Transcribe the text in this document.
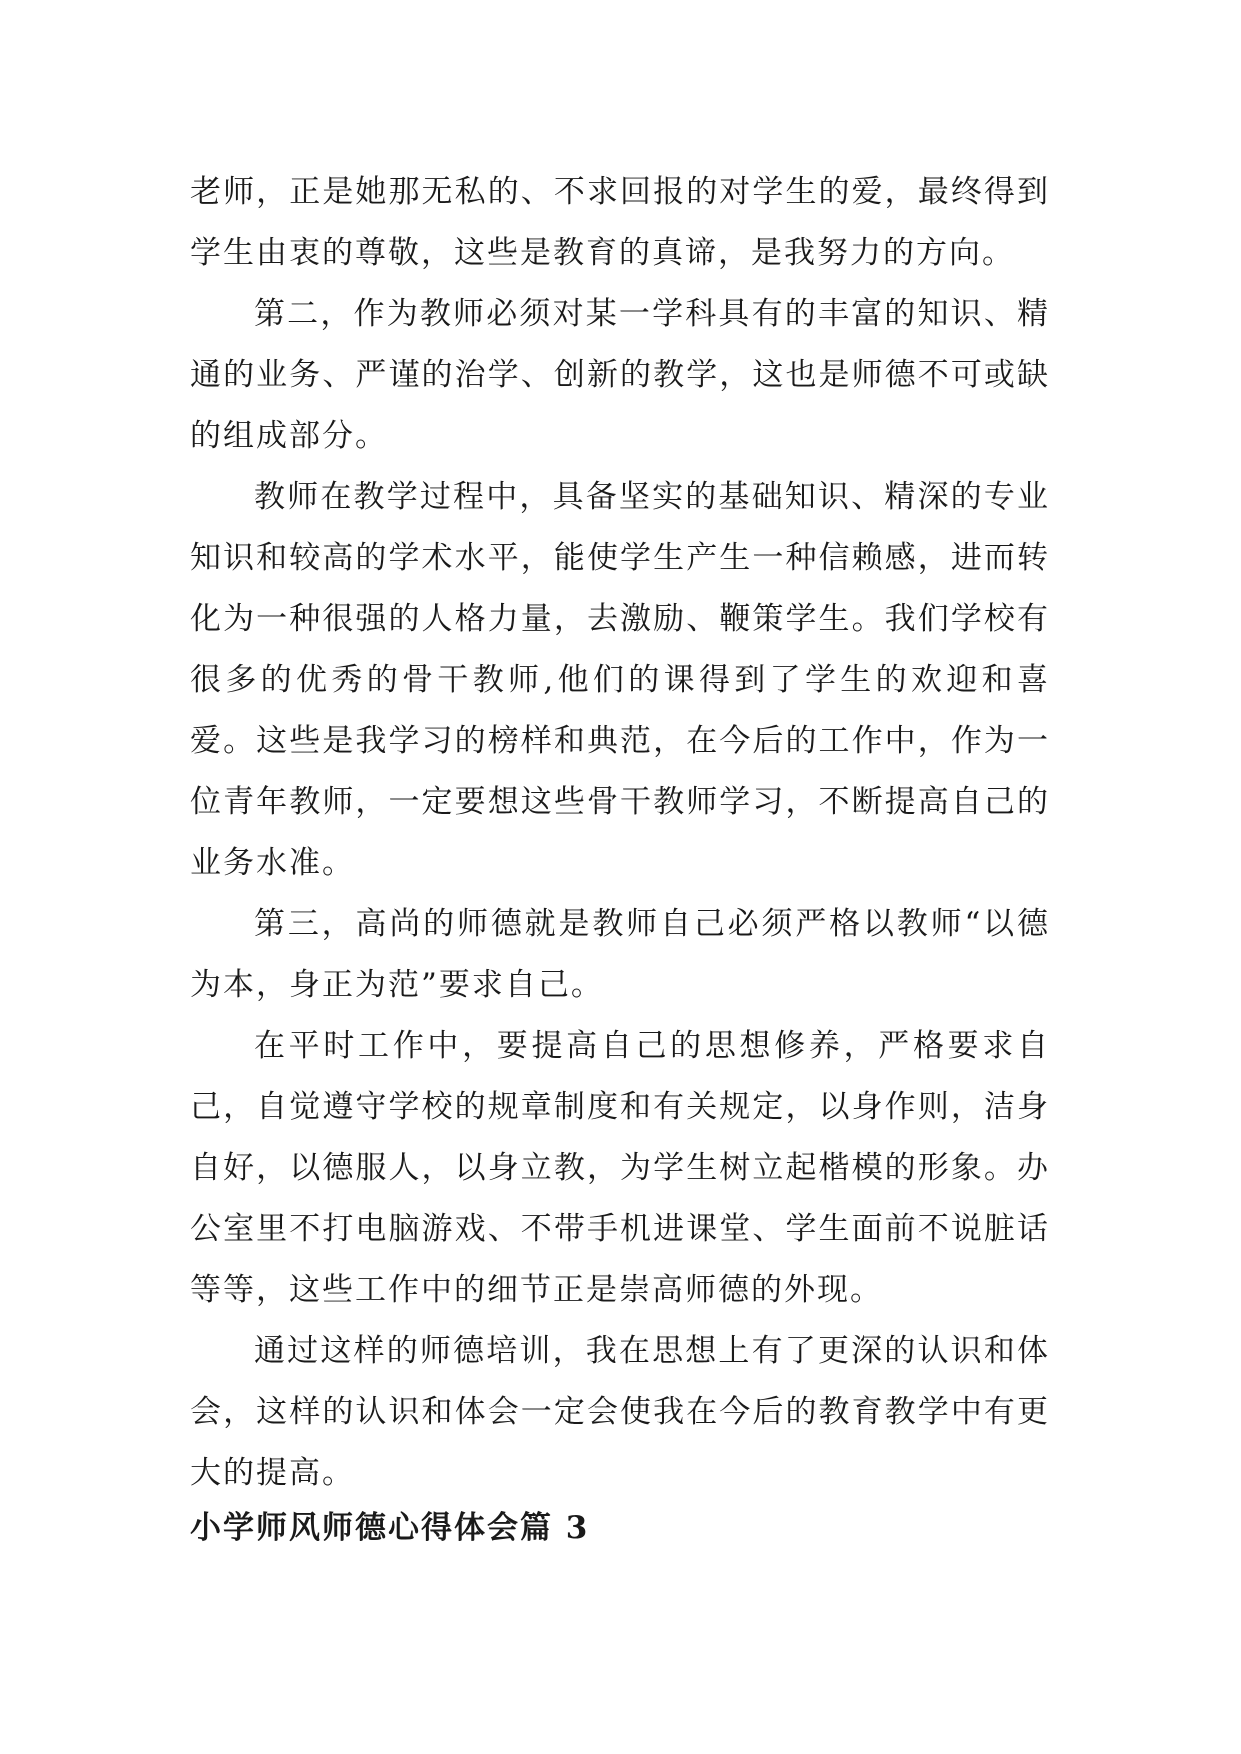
老师，正是她那无私的、不求回报的对学生的爱，最终得到学生由衷的尊敬，这些是教育的真谛，是我努力的方向。

第二，作为教师必须对某一学科具有的丰富的知识、精通的业务、严谨的治学、创新的教学，这也是师德不可或缺的组成部分。

教师在教学过程中，具备坚实的基础知识、精深的专业知识和较高的学术水平，能使学生产生一种信赖感，进而转化为一种很强的人格力量，去激励、鞭策学生。我们学校有很多的优秀的骨干教师,他们的课得到了学生的欢迎和喜爱。这些是我学习的榜样和典范，在今后的工作中，作为一位青年教师，一定要想这些骨干教师学习，不断提高自己的业务水准。

第三，高尚的师德就是教师自己必须严格以教师“以德为本，身正为范”要求自己。

在平时工作中，要提高自己的思想修养，严格要求自己，自觉遵守学校的规章制度和有关规定，以身作则，洁身自好，以德服人，以身立教，为学生树立起楷模的形象。办公室里不打电脑游戏、不带手机进课堂、学生面前不说脏话等等，这些工作中的细节正是崇高师德的外现。

通过这样的师德培训，我在思想上有了更深的认识和体会，这样的认识和体会一定会使我在今后的教育教学中有更大的提高。

小学师风师德心得体会篇 3
